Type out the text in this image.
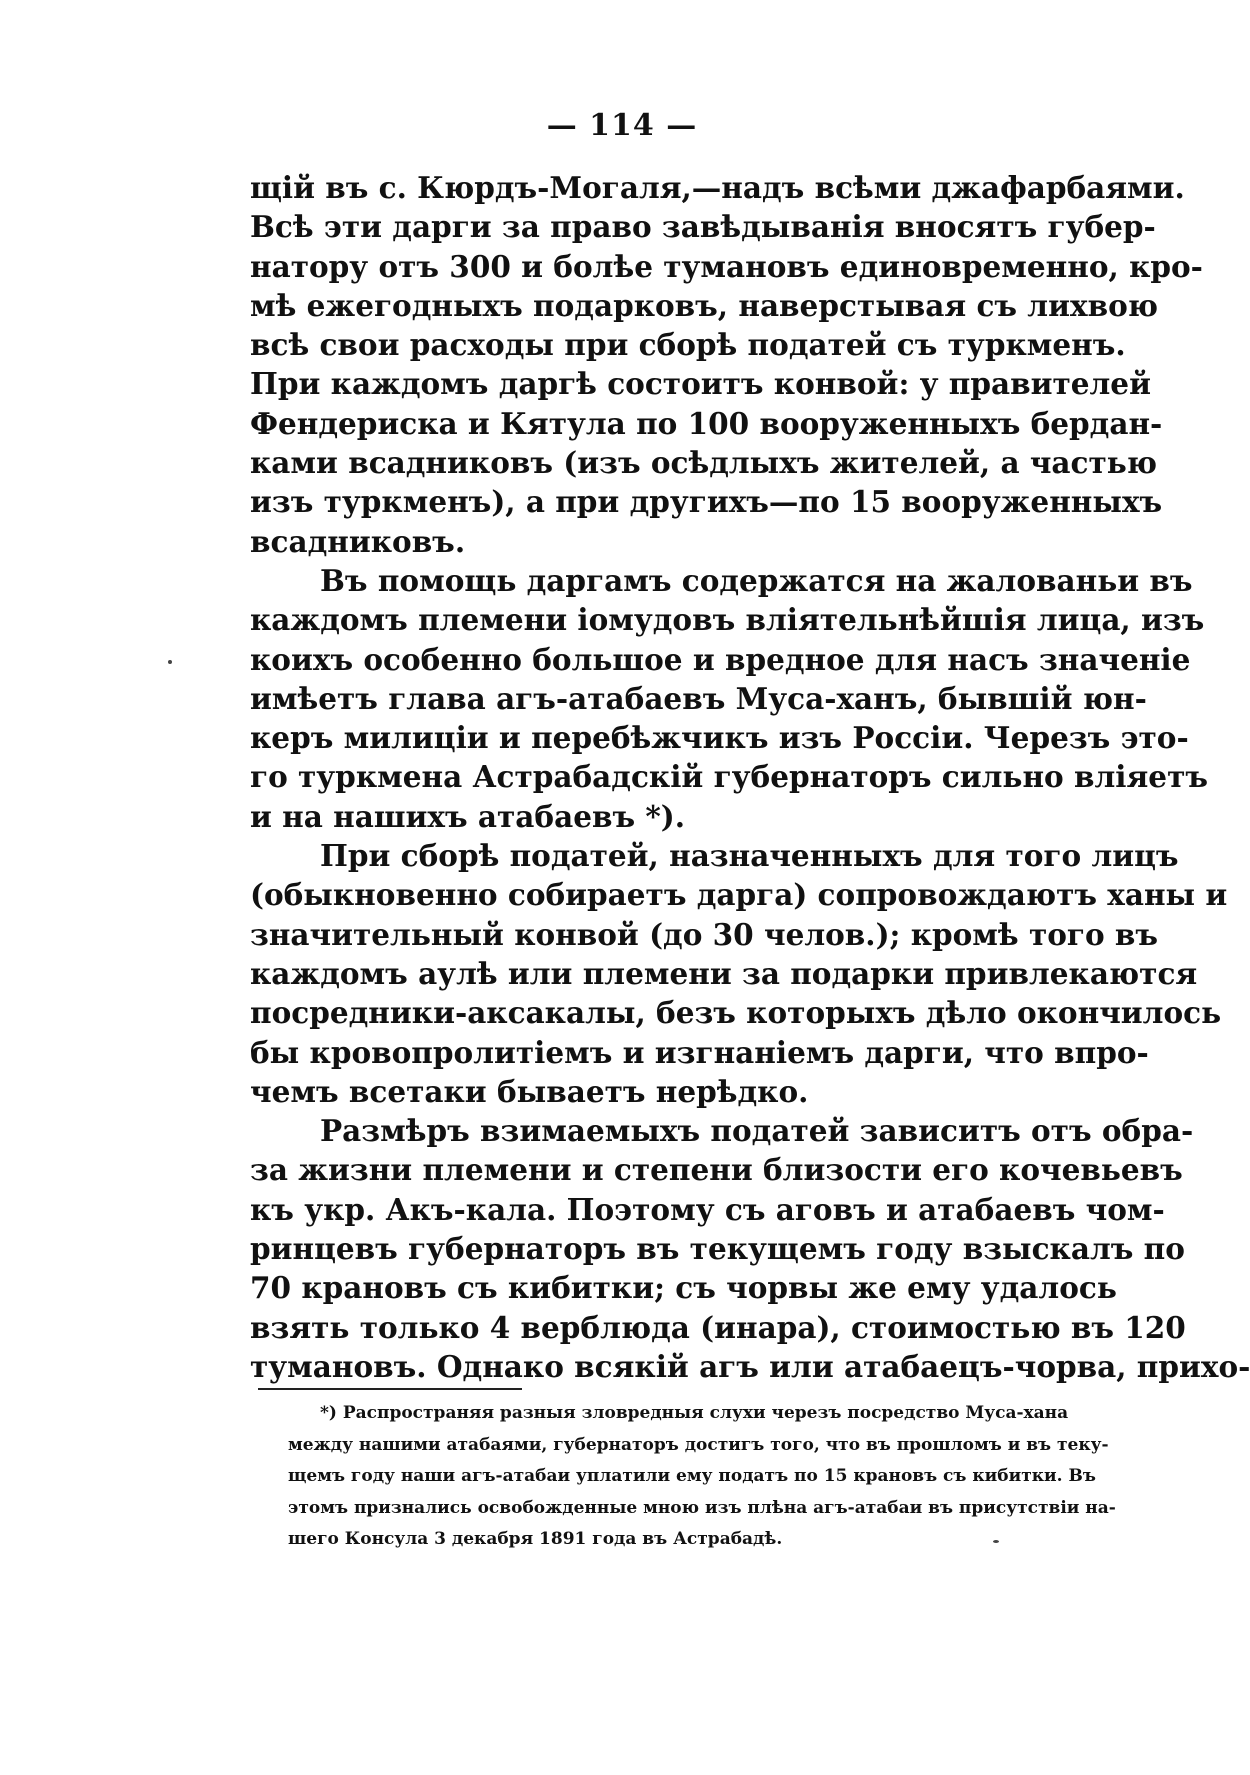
— 114 —
щій въ с. Кюрдъ-Могаля,—надъ всѣми джафарбаями.
Всѣ эти дарги за право завѣдыванія вносятъ губер-
натору отъ 300 и болѣе тумановъ единовременно, кро-
мѣ ежегодныхъ подарковъ, наверстывая съ лихвою
всѣ свои расходы при сборѣ податей съ туркменъ.
При каждомъ даргѣ состоитъ конвой: у правителей
Фендериска и Кятула по 100 вооруженныхъ бердан-
ками всадниковъ (изъ осѣдлыхъ жителей, а частью
изъ туркменъ), а при другихъ—по 15 вооруженныхъ
всадниковъ.
Въ помощь даргамъ содержатся на жалованьи въ
каждомъ племени іомудовъ вліятельнѣйшія лица, изъ
коихъ особенно большое и вредное для насъ значеніе
имѣетъ глава агъ-атабаевъ Муса-ханъ, бывшій юн-
керъ милиціи и перебѣжчикъ изъ Россіи. Черезъ это-
го туркмена Астрабадскій губернаторъ сильно вліяетъ
и на нашихъ атабаевъ *).
При сборѣ податей, назначенныхъ для того лицъ
(обыкновенно собираетъ дарга) сопровождаютъ ханы и
значительный конвой (до 30 челов.); кромѣ того въ
каждомъ аулѣ или племени за подарки привлекаются
посредники-аксакалы, безъ которыхъ дѣло окончилось
бы кровопролитіемъ и изгнаніемъ дарги, что впро-
чемъ всетаки бываетъ нерѣдко.
Размѣръ взимаемыхъ податей зависитъ отъ обра-
за жизни племени и степени близости его кочевьевъ
къ укр. Акъ-кала. Поэтому съ аговъ и атабаевъ чом-
ринцевъ губернаторъ въ текущемъ году взыскалъ по
70 крановъ съ кибитки; съ чорвы же ему удалось
взять только 4 верблюда (инара), стоимостью въ 120
тумановъ. Однако всякій агъ или атабаецъ-чорва, прихо-
*) Распространяя разныя зловредныя слухи черезъ посредство Муса-хана
между нашими атабаями, губернаторъ достигъ того, что въ прошломъ и въ теку-
щемъ году наши агъ-атабаи уплатили ему податъ по 15 крановъ съ кибитки. Въ
этомъ признались освобожденные мною изъ плѣна агъ-атабаи въ присутствіи на-
шего Консула 3 декабря 1891 года въ Астрабадѣ.
